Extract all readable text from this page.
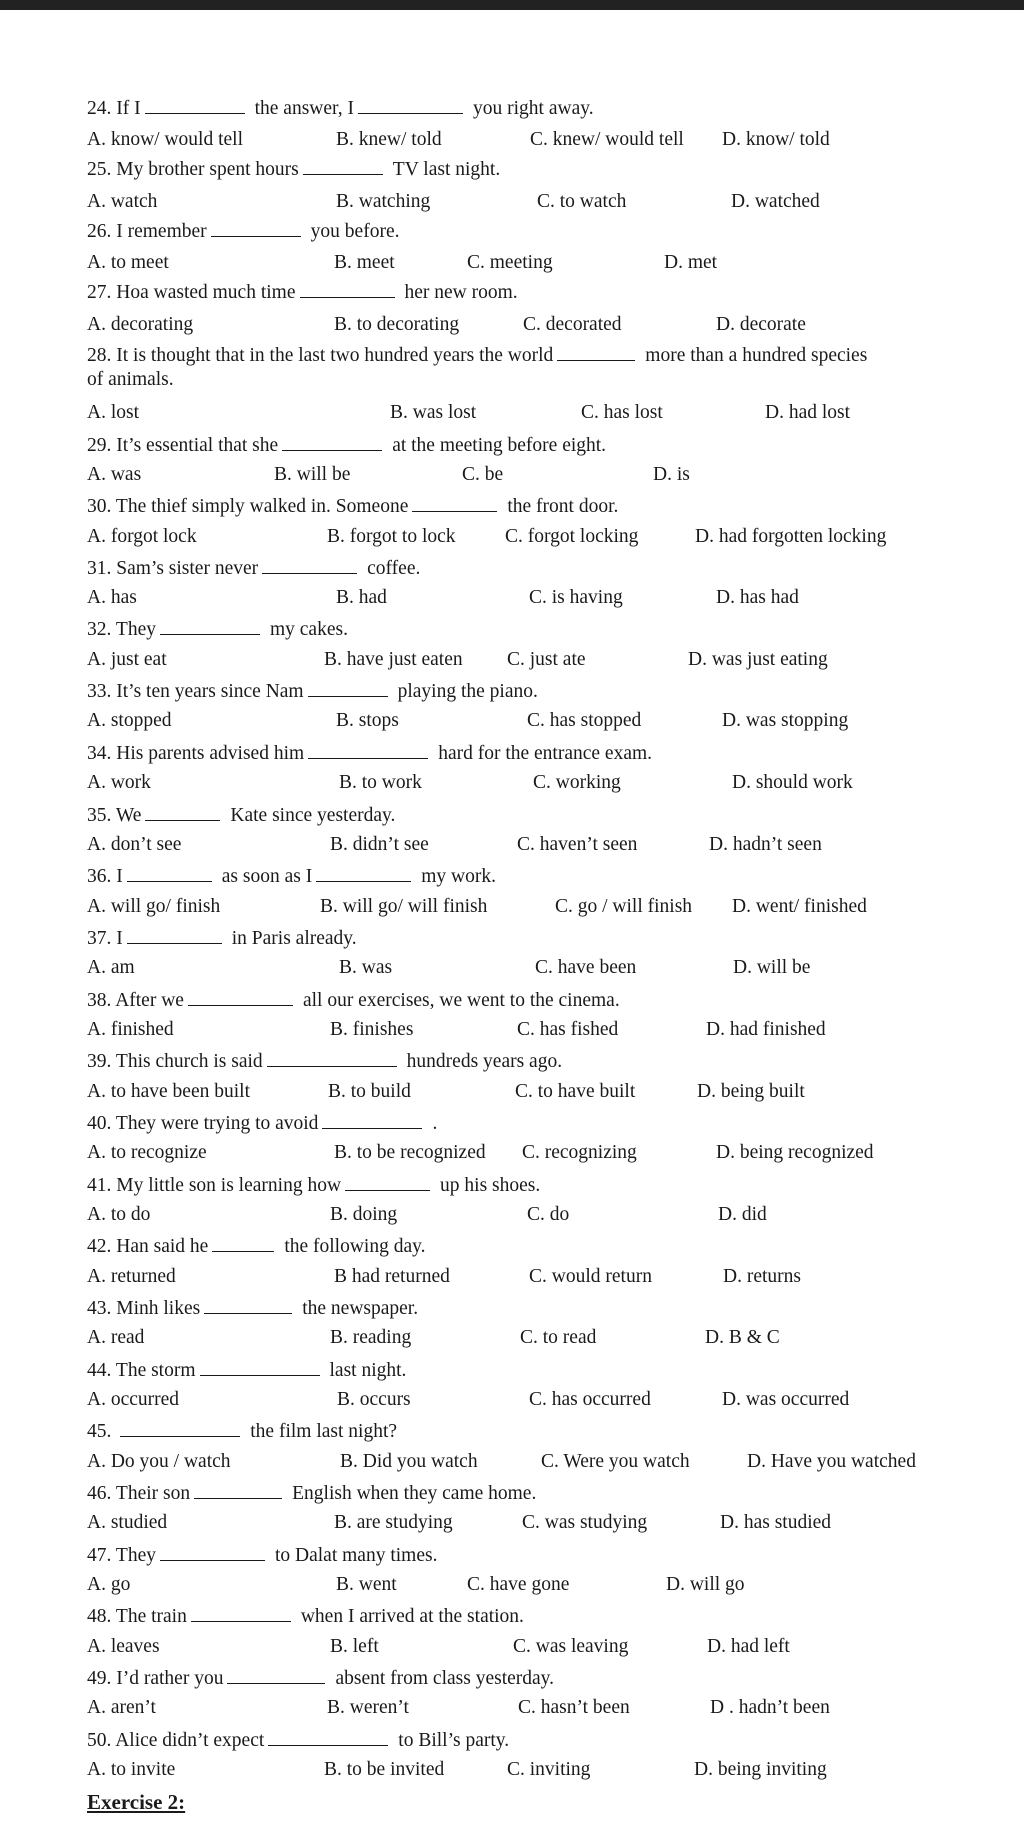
24. If I	the answer, I	you right away.
A. know/ would tell	B. knew/ told	C. knew/ would tell D. know/ told
25. My brother spent hours	TV last night.
A. watch	B. watching	C. to watch	D. watched
26. I remember	you before.
A. to meet	B. meet	C. meeting	D. met
27. Hoa wasted much time	her new room.
A. decorating	B. to decorating	C. decorated	D. decorate
28. It is thought that in the last two hundred years the world	more than a hundred species
of animals.
A. lost	B. was lost	C. has lost	D. had lost
29. It’s essential that she	at the meeting before eight.
A. was	B. will be	C. be	D. is
30. The thief simply walked in. Someone	the front door.
A. forgot lock	B. forgot to lock	C. forgot locking	D. had forgotten locking
31. Sam’s sister never	coffee.
A. has	B. had	C. is having	D. has had
32. They	my cakes.
A. just eat	B. have just eaten C. just ate	D. was just eating
33. It’s ten years since Nam	playing the piano.
A. stopped	B. stops	C. has stopped	D. was stopping
34. His parents advised him	hard for the entrance exam.
A. work	B. to work	C. working	D. should work
35. We	Kate since yesterday.
A. don’t see	B. didn’t see	C. haven’t seen	D. hadn’t seen
36. I	as soon as I	my work.
A. will go/ finish	B. will go/ will finish	C. go / will finish D. went/ finished
37. I	in Paris already.
A. am	B. was	C. have been	D. will be
38. After we	all our exercises, we went to the cinema.
A. finished	B. finishes	C. has fished	D. had finished
39. This church is said	hundreds years ago.
A. to have been built	B. to build	C. to have built	D. being built
40. They were trying to avoid	.
A. to recognize	B. to be recognized C. recognizing	D. being recognized
41. My little son is learning how	up his shoes.
A. to do	B. doing	C. do	D. did
42. Han said he	the following day.
A. returned	B had returned	C. would return	D. returns
43. Minh likes	the newspaper.
A. read	B. reading	C. to read	D. B & C
44. The storm	last night.
A. occurred	B. occurs	C. has occurred	D. was occurred
45.	the film last night?
A. Do you / watch	B. Did you watch	C. Were you watch	D. Have you watched
46. Their son	English when they came home.
A. studied	B. are studying	C. was studying	D. has studied
47. They	to Dalat many times.
A. go	B. went	C. have gone	D. will go
48. The train	when I arrived at the station.
A. leaves	B. left	C. was leaving	D. had left
49. I’d rather you	absent from class yesterday.
A. aren’t	B. weren’t	C. hasn’t been	D . hadn’t been
50. Alice didn’t expect	to Bill’s party.
A. to invite	B. to be invited	C. inviting	D. being inviting
Exercise 2:
